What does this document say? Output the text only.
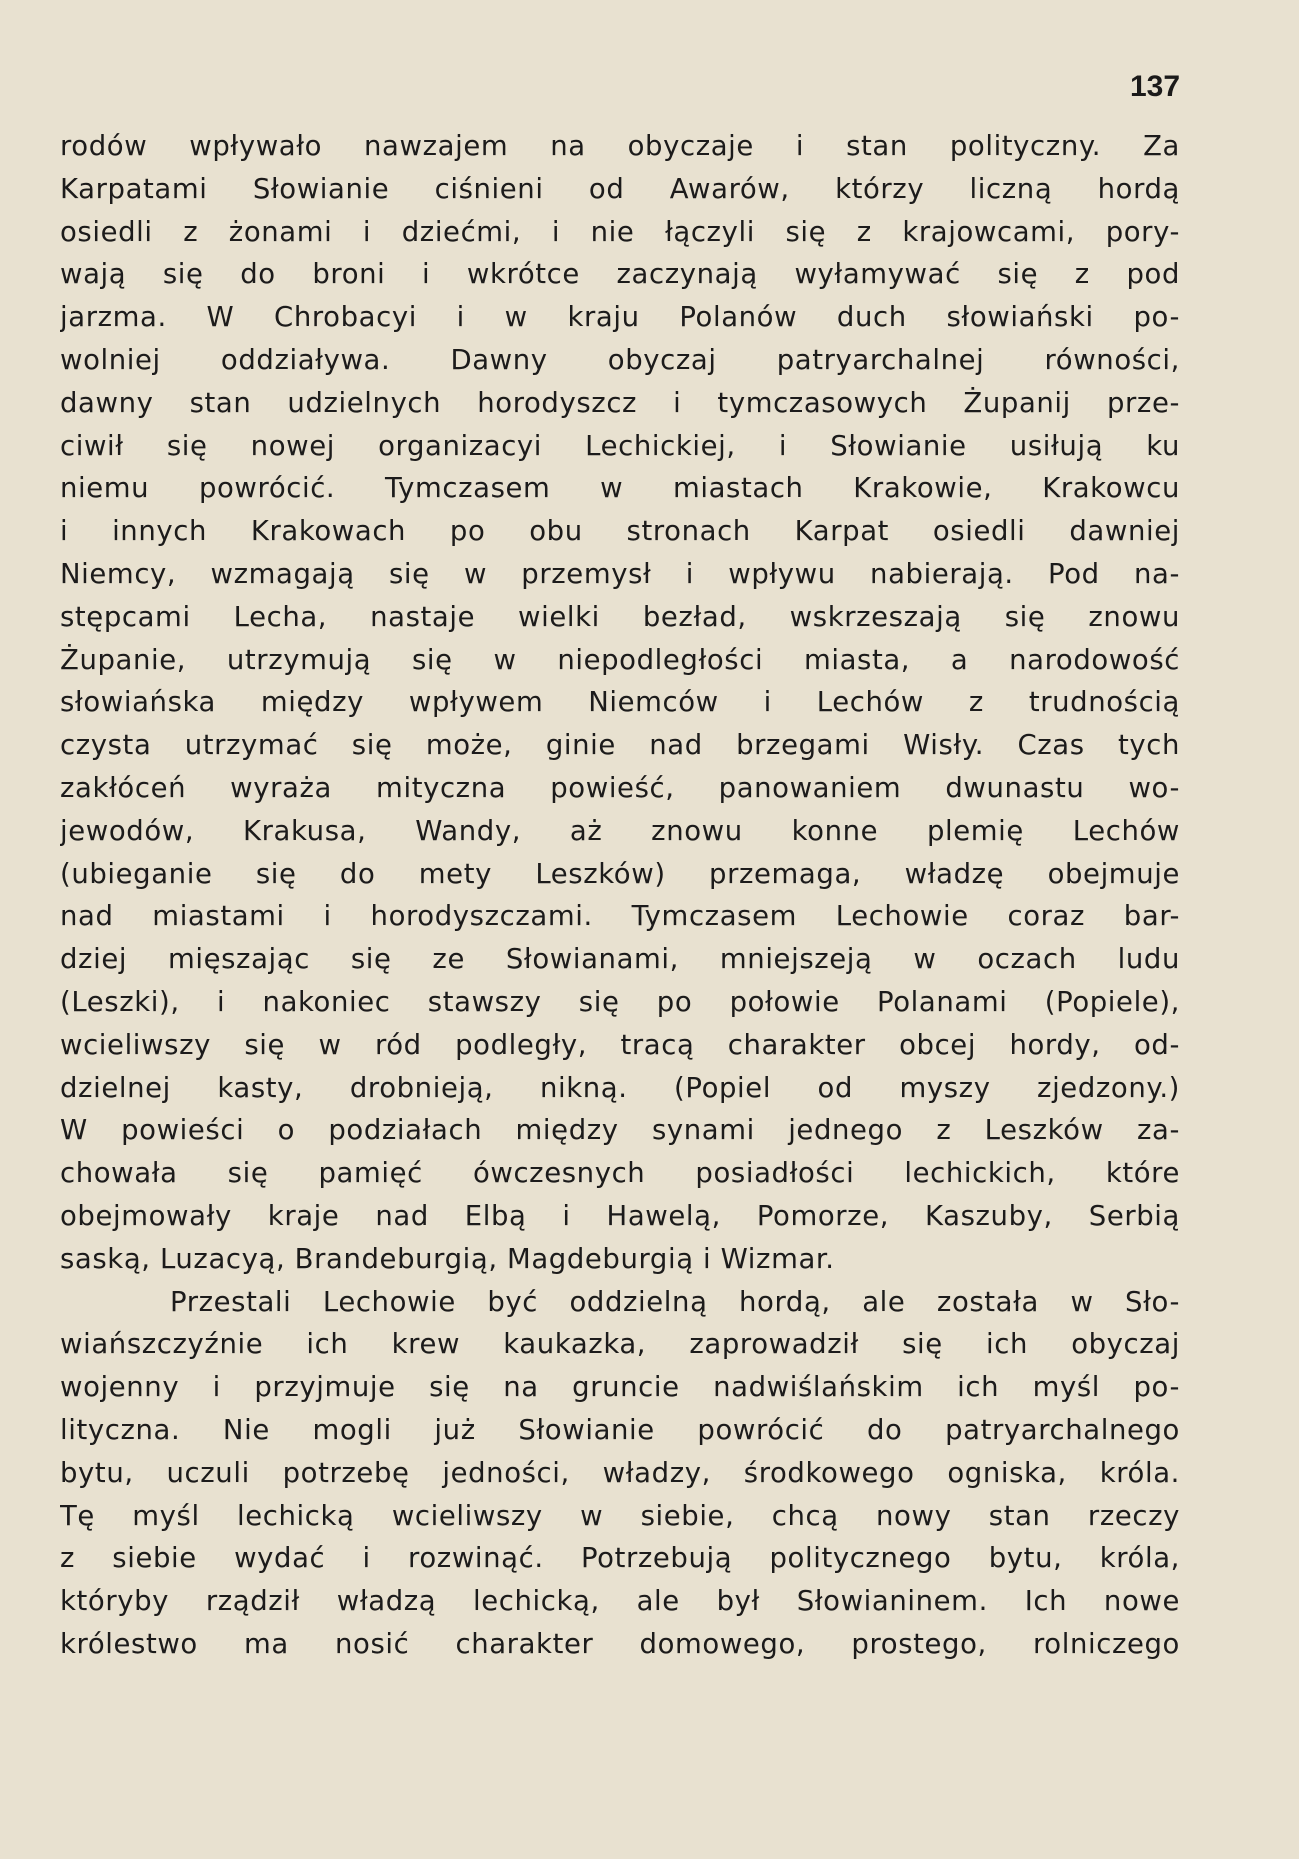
137
rodów wpływało nawzajem na obyczaje i stan polityczny. Za
Karpatami Słowianie ciśnieni od Awarów, którzy liczną hordą
osiedli z żonami i dziećmi, i nie łączyli się z krajowcami, pory-
wają się do broni i wkrótce zaczynają wyłamywać się z pod
jarzma. W Chrobacyi i w kraju Polanów duch słowiański po-
wolniej oddziaływa. Dawny obyczaj patryarchalnej równości,
dawny stan udzielnych horodyszcz i tymczasowych Żupanij prze-
ciwił się nowej organizacyi Lechickiej, i Słowianie usiłują ku
niemu powrócić. Tymczasem w miastach Krakowie, Krakowcu
i innych Krakowach po obu stronach Karpat osiedli dawniej
Niemcy, wzmagają się w przemysł i wpływu nabierają. Pod na-
stępcami Lecha, nastaje wielki bezład, wskrzeszają się znowu
Żupanie, utrzymują się w niepodległości miasta, a narodowość
słowiańska między wpływem Niemców i Lechów z trudnością
czysta utrzymać się może, ginie nad brzegami Wisły. Czas tych
zakłóceń wyraża mityczna powieść, panowaniem dwunastu wo-
jewodów, Krakusa, Wandy, aż znowu konne plemię Lechów
(ubieganie się do mety Leszków) przemaga, władzę obejmuje
nad miastami i horodyszczami. Tymczasem Lechowie coraz bar-
dziej mięszając się ze Słowianami, mniejszeją w oczach ludu
(Leszki), i nakoniec stawszy się po połowie Polanami (Popiele),
wcieliwszy się w ród podległy, tracą charakter obcej hordy, od-
dzielnej kasty, drobnieją, nikną. (Popiel od myszy zjedzony.)
W powieści o podziałach między synami jednego z Leszków za-
chowała się pamięć ówczesnych posiadłości lechickich, które
obejmowały kraje nad Elbą i Hawelą, Pomorze, Kaszuby, Serbią
saską, Luzacyą, Brandeburgią, Magdeburgią i Wizmar.
Przestali Lechowie być oddzielną hordą, ale została w Sło-
wiańszczyźnie ich krew kaukazka, zaprowadził się ich obyczaj
wojenny i przyjmuje się na gruncie nadwiślańskim ich myśl po-
lityczna. Nie mogli już Słowianie powrócić do patryarchalnego
bytu, uczuli potrzebę jedności, władzy, środkowego ogniska, króla.
Tę myśl lechicką wcieliwszy w siebie, chcą nowy stan rzeczy
z siebie wydać i rozwinąć. Potrzebują politycznego bytu, króla,
któryby rządził władzą lechicką, ale był Słowianinem. Ich nowe
królestwo ma nosić charakter domowego, prostego, rolniczego
